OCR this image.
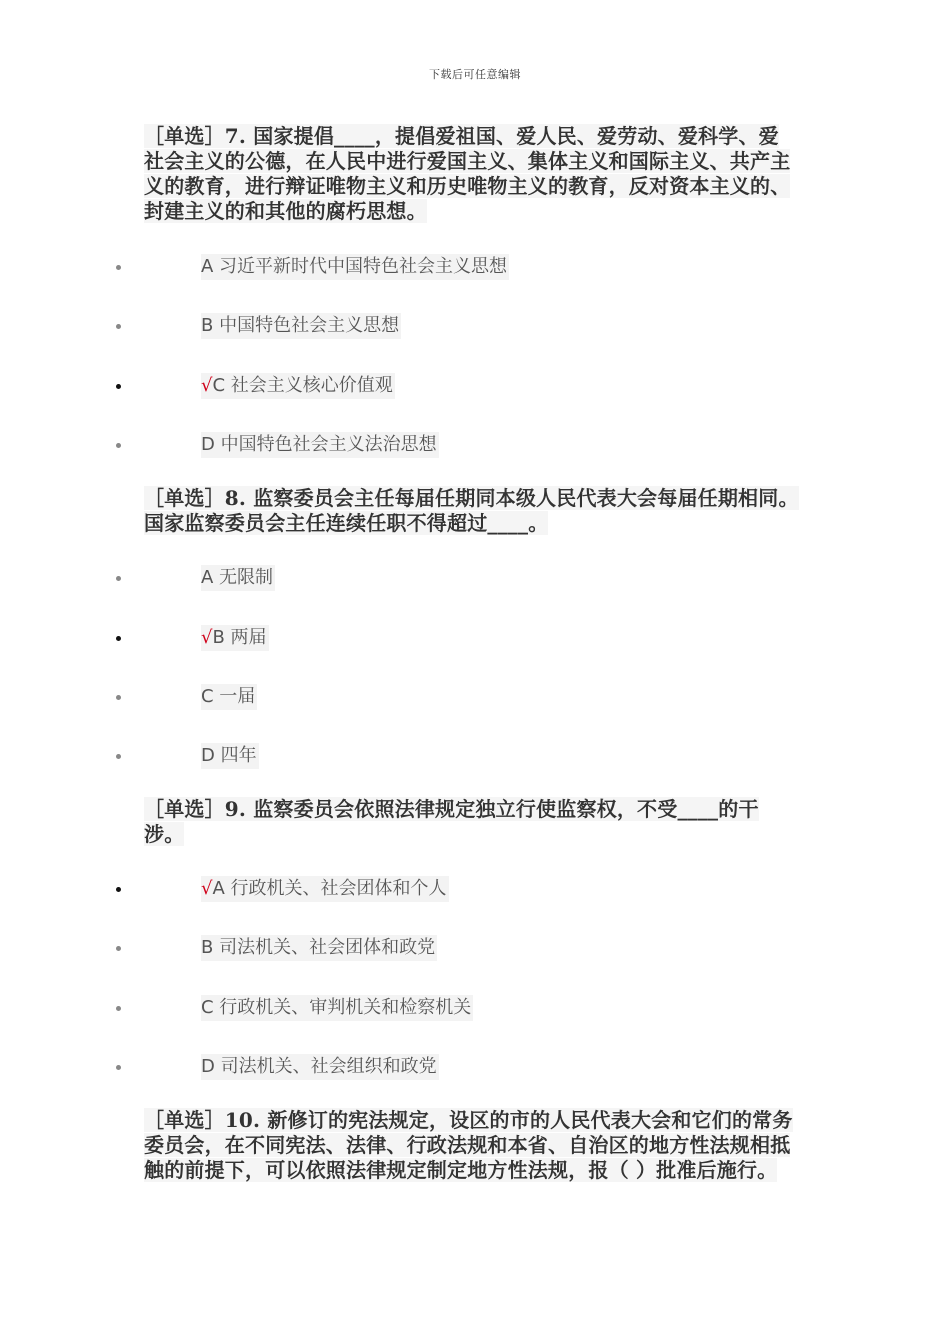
下载后可任意编辑
［单选］7. 国家提倡____，提倡爱祖国、爱人民、爱劳动、爱科学、爱社会主义的公德，在人民中进行爱国主义、集体主义和国际主义、共产主义的教育，进行辩证唯物主义和历史唯物主义的教育，反对资本主义的、封建主义的和其他的腐朽思想。
A 习近平新时代中国特色社会主义思想
B 中国特色社会主义思想
√C 社会主义核心价值观
D 中国特色社会主义法治思想
［单选］8. 监察委员会主任每届任期同本级人民代表大会每届任期相同。国家监察委员会主任连续任职不得超过____。
A 无限制
√B 两届
C 一届
D 四年
［单选］9. 监察委员会依照法律规定独立行使监察权，不受____的干涉。
√A 行政机关、社会团体和个人
B 司法机关、社会团体和政党
C 行政机关、审判机关和检察机关
D 司法机关、社会组织和政党
［单选］10. 新修订的宪法规定，设区的市的人民代表大会和它们的常务委员会，在不同宪法、法律、行政法规和本省、自治区的地方性法规相抵触的前提下，可以依照法律规定制定地方性法规，报（ ）批准后施行。
